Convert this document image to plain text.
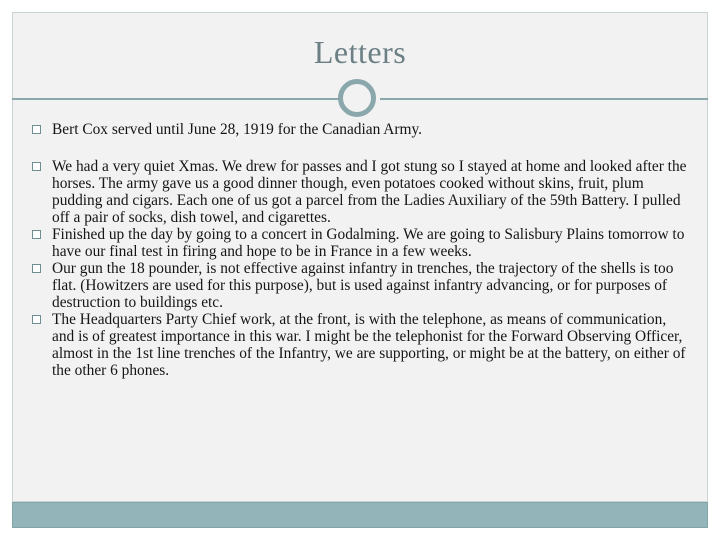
Letters
Bert Cox served until June 28, 1919 for the Canadian Army.
We had a very quiet Xmas. We drew for passes and I got stung so I stayed at home and looked after the horses. The army gave us a good dinner though, even potatoes cooked without skins, fruit, plum pudding and cigars. Each one of us got a parcel from the Ladies Auxiliary of the 59th Battery. I pulled off a pair of socks, dish towel, and cigarettes.
Finished up the day by going to a concert in Godalming. We are going to Salisbury Plains tomorrow to have our final test in firing and hope to be in France in a few weeks.
Our gun the 18 pounder, is not effective against infantry in trenches, the trajectory of the shells is too flat. (Howitzers are used for this purpose), but is used against infantry advancing, or for purposes of destruction to buildings etc.
The Headquarters Party Chief work, at the front, is with the telephone, as means of communication, and is of greatest importance in this war. I might be the telephonist for the Forward Observing Officer, almost in the 1st line trenches of the Infantry, we are supporting, or might be at the battery, on either of the other 6 phones.
